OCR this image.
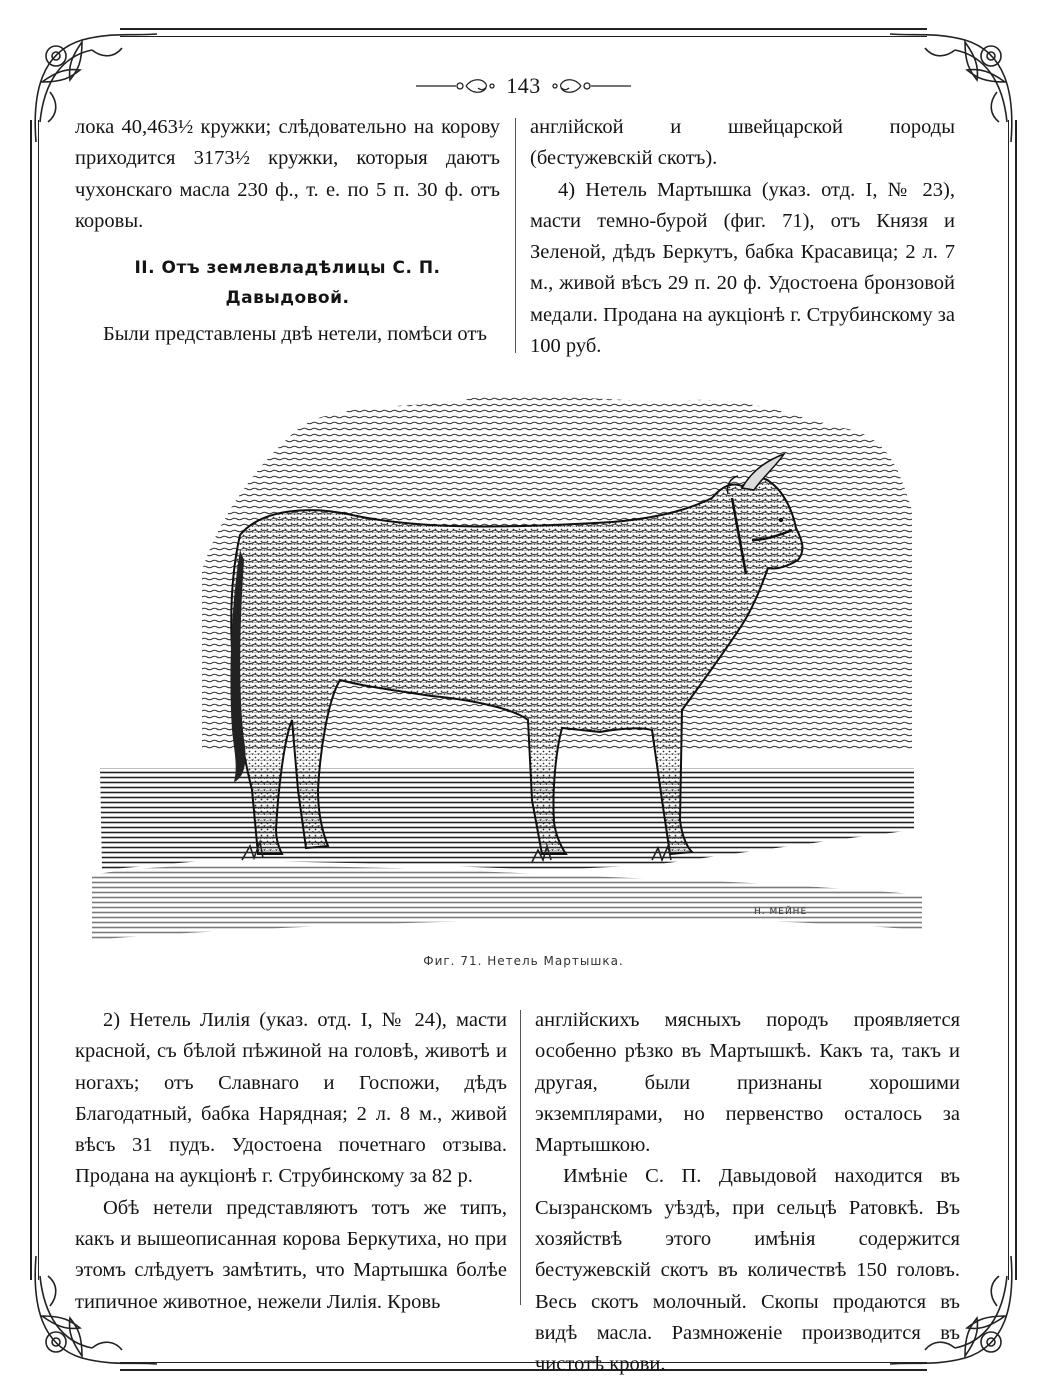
143

лока 40,463½ кружки; слѣдовательно на корову приходится 3173½ кружки, которыя даютъ чухонскаго масла 230 ф., т. е. по 5 п. 30 ф. отъ коровы.

II. Отъ землевладѣлицы С. П. Давыдовой.

Были представлены двѣ нетели, помѣси отъ

англійской и швейцарской породы (бестужевскій скотъ).

4) Нетель Мартышка (указ. отд. I, № 23), масти темно-бурой (фиг. 71), отъ Князя и Зеленой, дѣдъ Беркутъ, бабка Красавица; 2 л. 7 м., живой вѣсъ 29 п. 20 ф. Удостоена бронзовой медали. Продана на аукціонѣ г. Струбинскому за 100 руб.

Н. МЕЙНЕ
Фиг. 71. Нетель Мартышка.

2) Нетель Лилія (указ. отд. I, № 24), масти красной, съ бѣлой пѣжиной на головѣ, животѣ и ногахъ; отъ Славнаго и Госпожи, дѣдъ Благодатный, бабка Нарядная; 2 л. 8 м., живой вѣсъ 31 пудъ. Удостоена почетнаго отзыва. Продана на аукціонѣ г. Струбинскому за 82 р.

Обѣ нетели представляютъ тотъ же типъ, какъ и вышеописанная корова Беркутиха, но при этомъ слѣдуетъ замѣтить, что Мартышка болѣе типичное животное, нежели Лилія. Кровь

англійскихъ мясныхъ породъ проявляется особенно рѣзко въ Мартышкѣ. Какъ та, такъ и другая, были признаны хорошими экземплярами, но первенство осталось за Мартышкою.

Имѣніе С. П. Давыдовой находится въ Сызранскомъ уѣздѣ, при сельцѣ Ратовкѣ. Въ хозяйствѣ этого имѣнія содержится бестужевскій скотъ въ количествѣ 150 головъ. Весь скотъ молочный. Скопы продаются въ видѣ масла. Размноженіе производится въ чистотѣ крови.
